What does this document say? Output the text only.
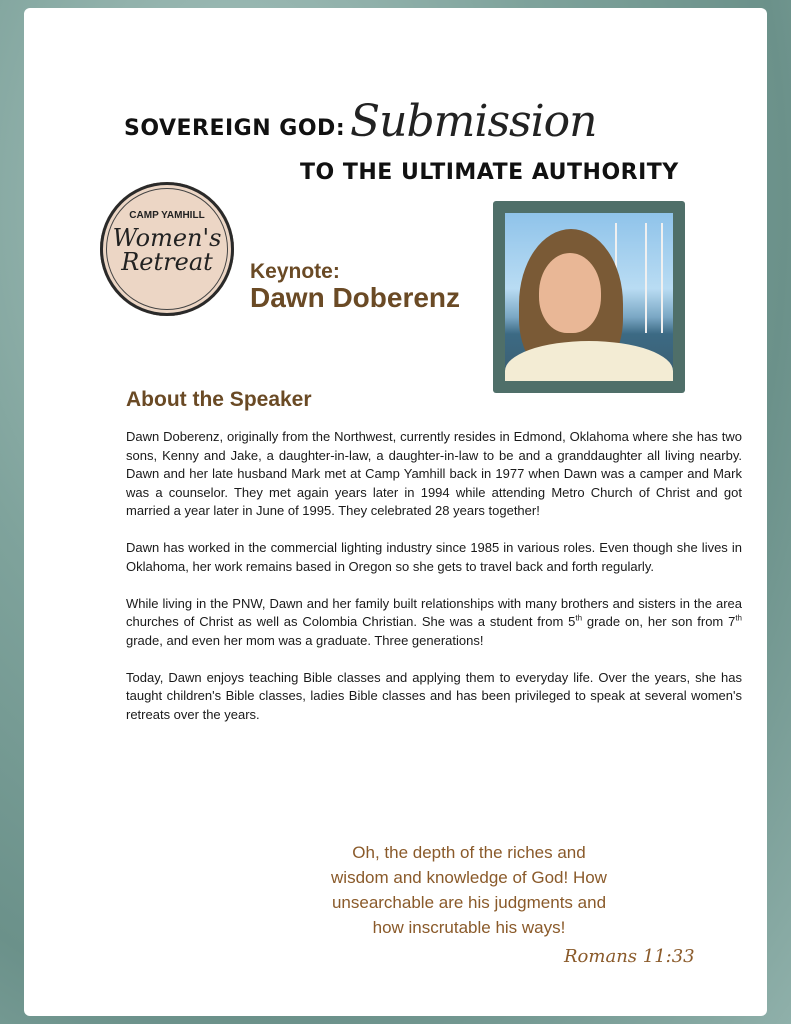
SOVEREIGN GOD: Submission
TO THE ULTIMATE AUTHORITY
CAMP YAMHILL
Women's
Retreat	Keynote:
Dawn Doberenz
About the Speaker

Dawn Doberenz, originally from the Northwest, currently resides in Edmond, Oklahoma where she has two sons, Kenny and Jake, a daughter-in-law, a daughter-in-law to be and a granddaughter all living nearby. Dawn and her late husband Mark met at Camp Yamhill back in 1977 when Dawn was a camper and Mark was a counselor. They met again years later in 1994 while attending Metro Church of Christ and got married a year later in June of 1995. They celebrated 28 years together!

Dawn has worked in the commercial lighting industry since 1985 in various roles. Even though she lives in Oklahoma, her work remains based in Oregon so she gets to travel back and forth regularly.

While living in the PNW, Dawn and her family built relationships with many brothers and sisters in the area churches of Christ as well as Colombia Christian. She was a student from 5th grade on, her son from 7th grade, and even her mom was a graduate. Three generations!

Today, Dawn enjoys teaching Bible classes and applying them to everyday life. Over the years, she has taught children's Bible classes, ladies Bible classes and has been privileged to speak at several women's retreats over the years.

Oh, the depth of the riches and
wisdom and knowledge of God! How
unsearchable are his judgments and
how inscrutable his ways!
Romans 11:33
